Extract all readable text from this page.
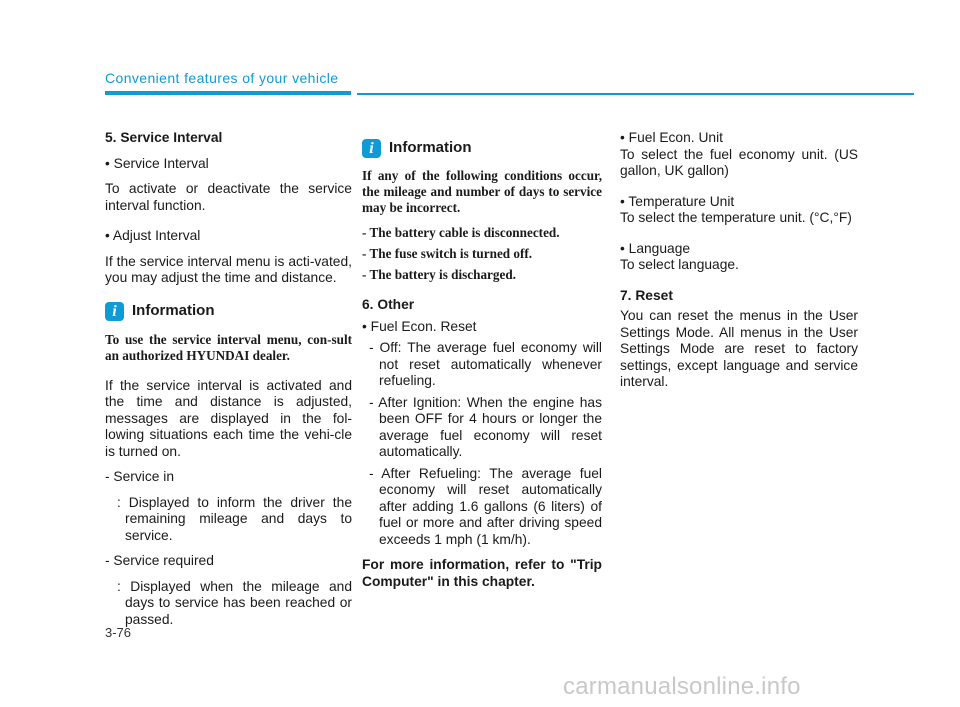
Convenient features of your vehicle

5. Service Interval

• Service Interval

To activate or deactivate the service interval function.

• Adjust Interval

If the service interval menu is acti-vated, you may adjust the time and distance.

i	Information

To use the service interval menu, con-sult an authorized HYUNDAI dealer.

If the service interval is activated and the time and distance is adjusted, messages are displayed in the fol-lowing situations each time the vehi-cle is turned on.

- Service in

: Displayed to inform the driver the remaining mileage and days to service.

- Service required

: Displayed when the mileage and days to service has been reached or passed.

i	Information

If any of the following conditions occur, the mileage and number of days to service may be incorrect.

- The battery cable is disconnected.

- The fuse switch is turned off.

- The battery is discharged.

6. Other

• Fuel Econ. Reset

- Off: The average fuel economy will not reset automatically whenever refueling.

- After Ignition: When the engine has been OFF for 4 hours or longer the average fuel economy will reset automatically.

- After Refueling: The average fuel economy will reset automatically after adding 1.6 gallons (6 liters) of fuel or more and after driving speed exceeds 1 mph (1 km/h).

For more information, refer to "Trip Computer" in this chapter.

• Fuel Econ. Unit

To select the fuel economy unit. (US gallon, UK gallon)

• Temperature Unit

To select the temperature unit. (°C,°F)

• Language

To select language.

7. Reset

You can reset the menus in the User Settings Mode. All menus in the User Settings Mode are reset to factory settings, except language and service interval.

3-76
carmanualsonline.info
